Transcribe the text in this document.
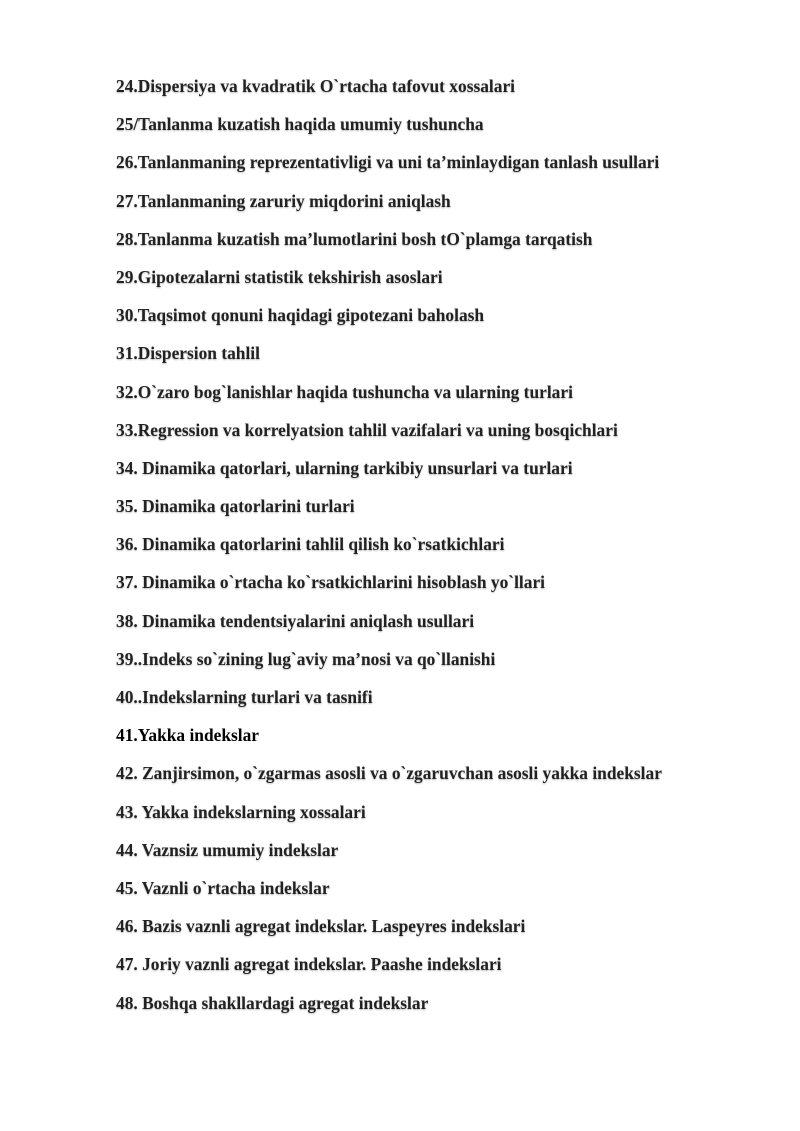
24.Dispersiya va kvadratik O`rtacha tafovut xossalari
25/Tanlanma kuzatish haqida umumiy tushuncha
26.Tanlanmaning reprezentativligi va uni ta’minlaydigan tanlash usullari
27.Tanlanmaning zaruriy miqdorini aniqlash
28.Tanlanma kuzatish ma’lumotlarini bosh tO`plamga tarqatish
29.Gipotezalarni statistik tekshirish asoslari
30.Taqsimot qonuni haqidagi gipotezani baholash
31.Dispersion tahlil
32.O`zaro bog`lanishlar haqida tushuncha va ularning turlari
33.Regression va korrelyatsion tahlil vazifalari va uning bosqichlari
34. Dinamika qatorlari, ularning tarkibiy unsurlari va turlari
35. Dinamika qatorlarini turlari
36. Dinamika qatorlarini tahlil qilish ko`rsatkichlari
37. Dinamika o`rtacha ko`rsatkichlarini hisoblash yo`llari
38. Dinamika tendentsiyalarini aniqlash usullari
39..Indeks so`zining lug`aviy ma’nosi va qo`llanishi
40..Indekslarning turlari va tasnifi
41.Yakka indekslar
42. Zanjirsimon, o`zgarmas asosli va o`zgaruvchan asosli yakka indekslar
43. Yakka indekslarning xossalari
44. Vaznsiz umumiy indekslar
45. Vaznli o`rtacha indekslar
46. Bazis vaznli agregat indekslar. Laspeyres indekslari
47. Joriy vaznli agregat indekslar. Paashe indekslari
48. Boshqa shakllardagi agregat indekslar
